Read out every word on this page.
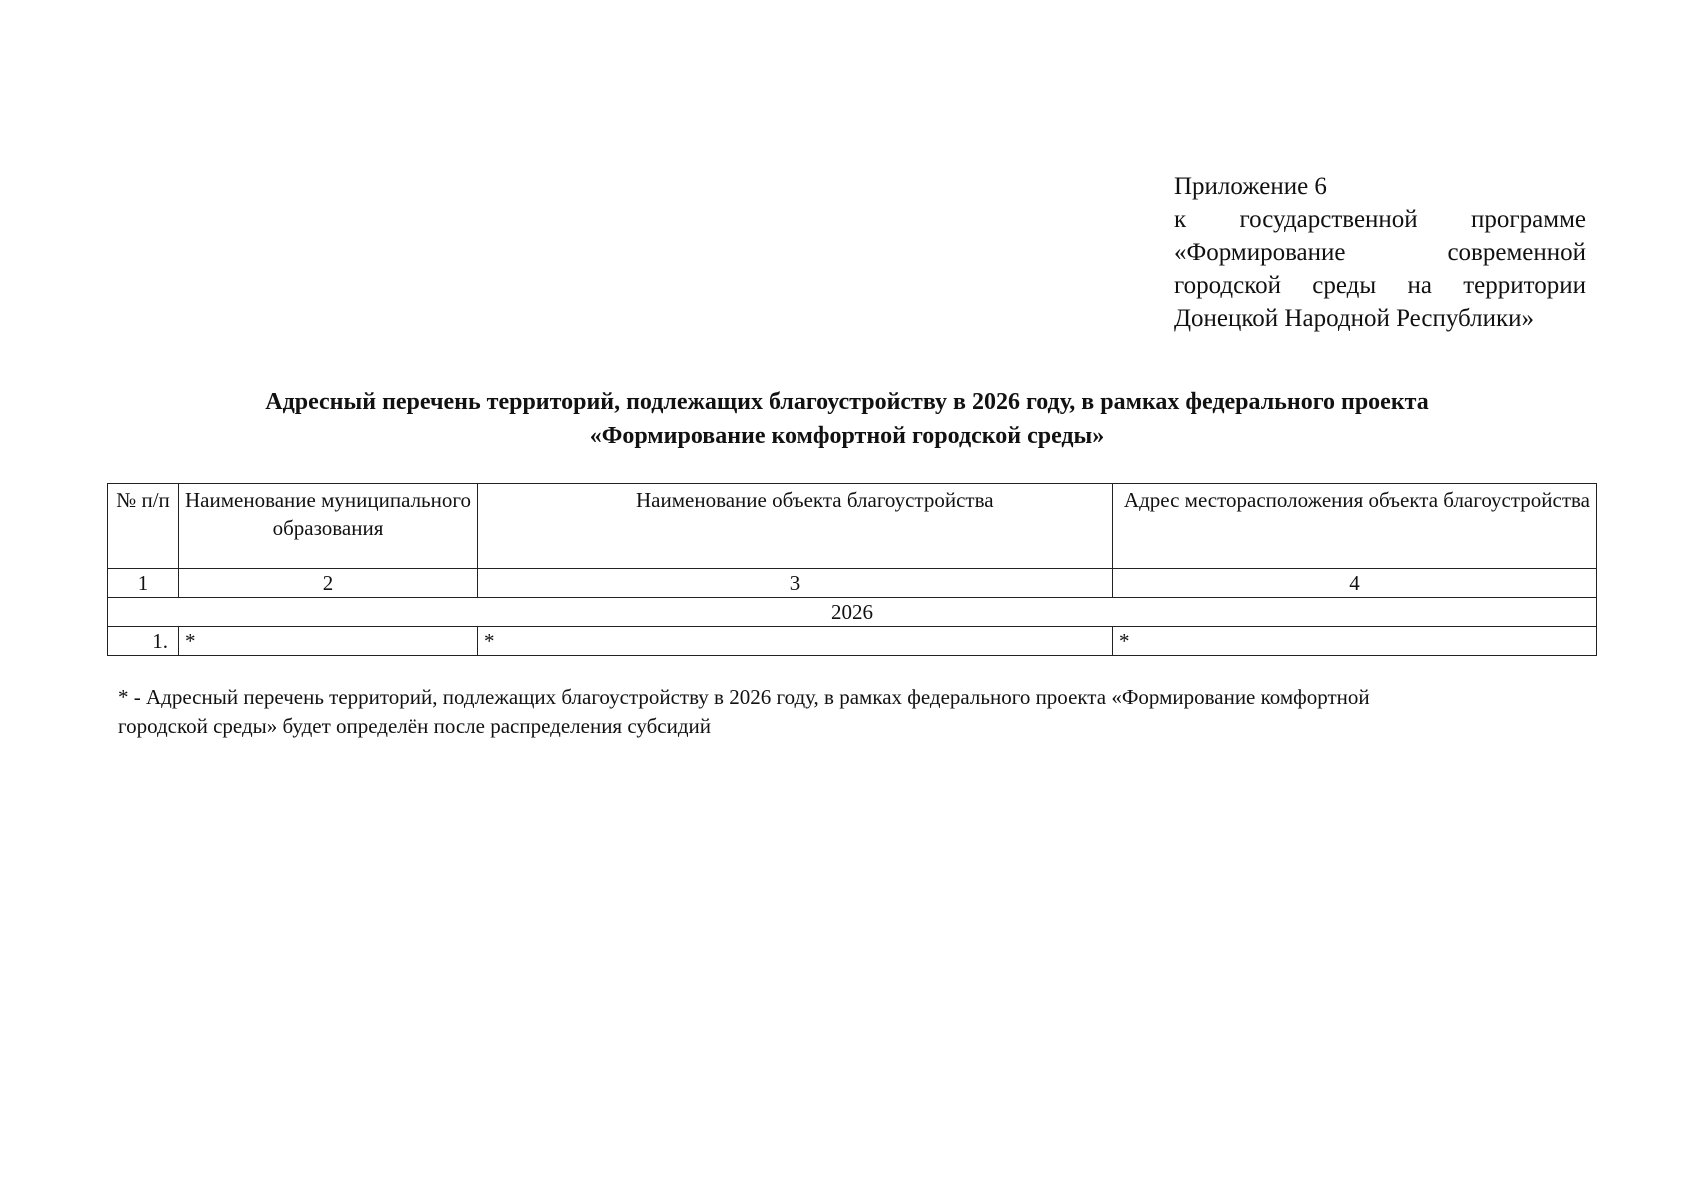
Приложение 6
к государственной программе
«Формирование современной
городской среды на территории
Донецкой Народной Республики»
Адресный перечень территорий, подлежащих благоустройству в 2026 году, в рамках федерального проекта
«Формирование комфортной городской среды»
№ п/п	Наименование муниципального образования	Наименование объекта благоустройства	Адрес месторасположения объекта благоустройства
1	2	3	4
2026			
1.	*	*	*
* - Адресный перечень территорий, подлежащих благоустройству в 2026 году, в рамках федерального проекта «Формирование комфортной
городской среды» будет определён после распределения субсидий
